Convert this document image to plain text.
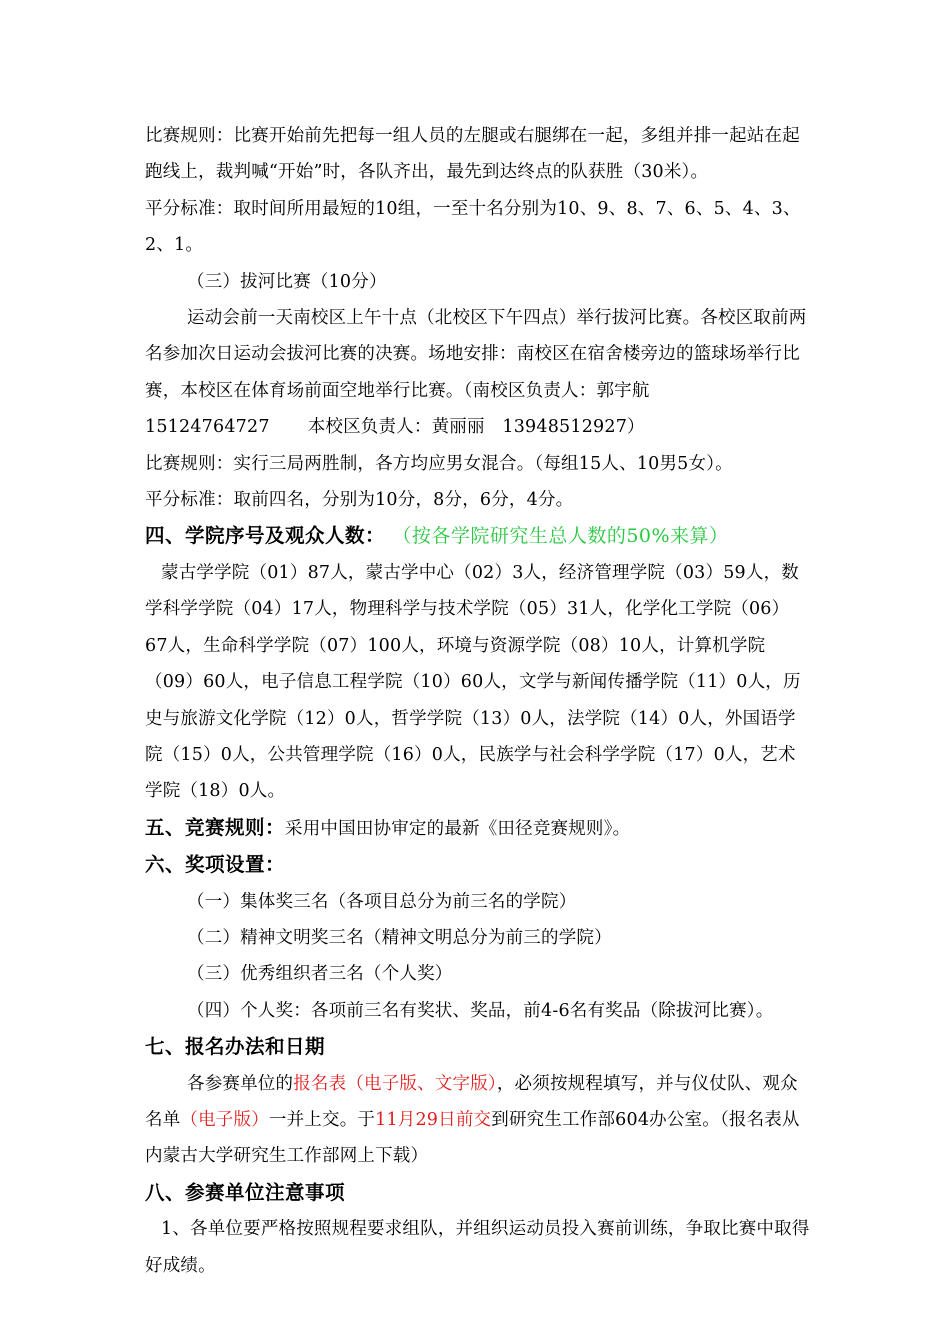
比赛规则：比赛开始前先把每一组人员的左腿或右腿绑在一起，多组并排一起站在起跑线上，裁判喊“开始”时，各队齐出，最先到达终点的队获胜（30米）。

平分标准：取时间所用最短的10组，一至十名分别为10、9、8、7、6、5、4、3、2、1。

（三）拔河比赛（10分）

运动会前一天南校区上午十点（北校区下午四点）举行拔河比赛。各校区取前两名参加次日运动会拔河比赛的决赛。场地安排：南校区在宿舍楼旁边的篮球场举行比赛，本校区在体育场前面空地举行比赛。（南校区负责人：郭宇航
15124764727 本校区负责人：黄丽丽　13948512927）

比赛规则：实行三局两胜制，各方均应男女混合。（每组15人、10男5女）。

平分标准：取前四名，分别为10分，8分，6分，4分。

四、学院序号及观众人数： （按各学院研究生总人数的50%来算）

蒙古学学院（01）87人，蒙古学中心（02）3人，经济管理学院（03）59人，数学科学学院（04）17人，物理科学与技术学院（05）31人，化学化工学院（06）67人，生命科学学院（07）100人，环境与资源学院（08）10人，计算机学院（09）60人，电子信息工程学院（10）60人，文学与新闻传播学院（11）0人，历史与旅游文化学院（12）0人，哲学学院（13）0人，法学院（14）0人，外国语学院（15）0人，公共管理学院（16）0人，民族学与社会科学学院（17）0人，艺术学院（18）0人。

五、竞赛规则：采用中国田协审定的最新《田径竞赛规则》。

六、奖项设置：

（一）集体奖三名（各项目总分为前三名的学院）

（二）精神文明奖三名（精神文明总分为前三的学院）

（三）优秀组织者三名（个人奖）

（四）个人奖：各项前三名有奖状、奖品，前4-6名有奖品（除拔河比赛）。

七、报名办法和日期

各参赛单位的报名表（电子版、文字版），必须按规程填写，并与仪仗队、观众名单（电子版）一并上交。于11月29日前交到研究生工作部604办公室。（报名表从内蒙古大学研究生工作部网上下载）

八、参赛单位注意事项

1、各单位要严格按照规程要求组队，并组织运动员投入赛前训练，争取比赛中取得好成绩。
